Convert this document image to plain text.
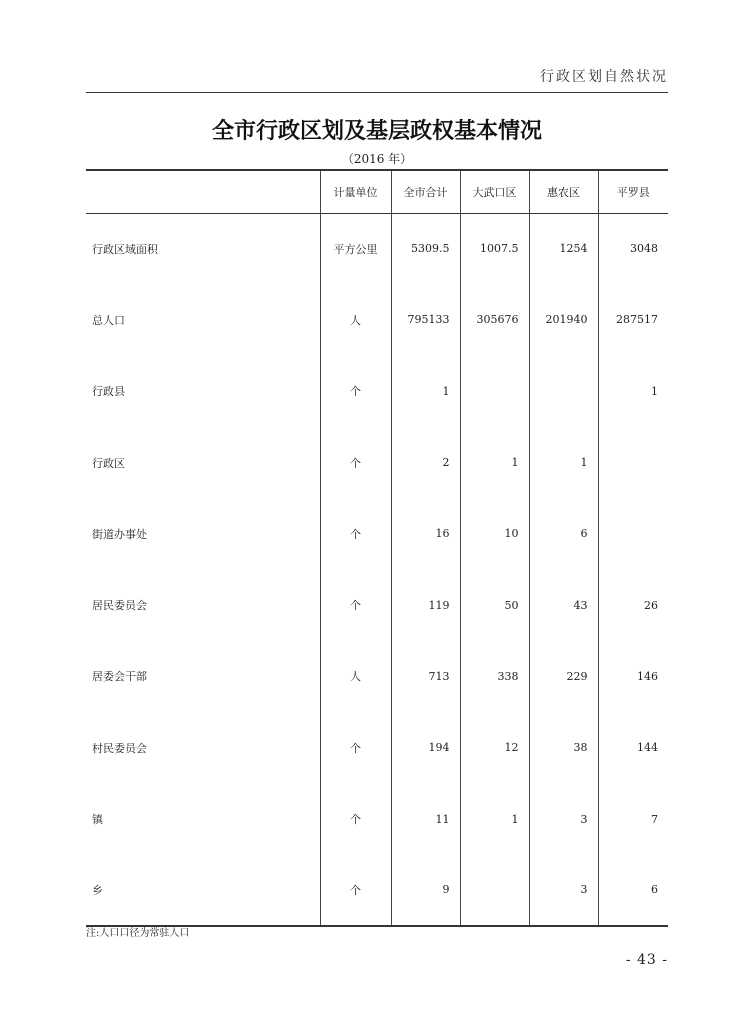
行政区划自然状况
全市行政区划及基层政权基本情况
（2016 年）
	计量单位	全市合计	大武口区	惠农区	平罗县
行政区域面积	平方公里	5309.5	1007.5	1254	3048
总人口	人	795133	305676	201940	287517
行政县	个	1			1
行政区	个	2	1	1	
街道办事处	个	16	10	6	
居民委员会	个	119	50	43	26
居委会干部	人	713	338	229	146
村民委员会	个	194	12	38	144
镇	个	11	1	3	7
乡	个	9		3	6
注:人口口径为常驻人口
- 43 -
